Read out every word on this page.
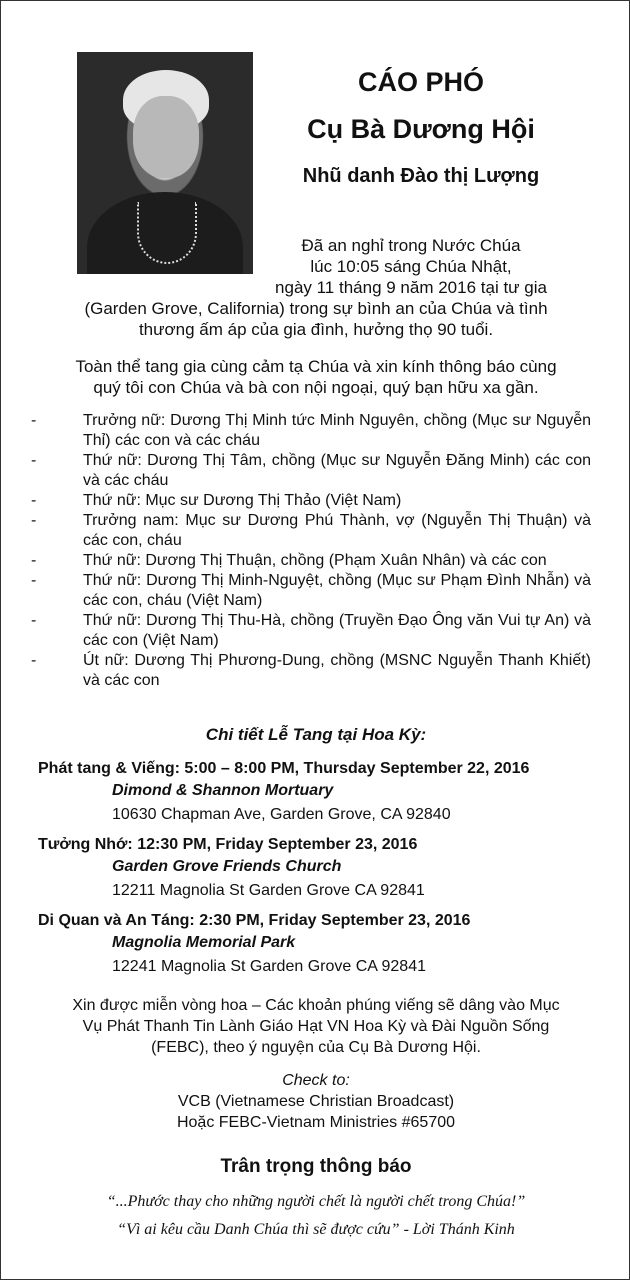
CÁO PHÓ
Cụ Bà Dương Hội
Nhũ danh Đào thị Lượng
Đã an nghỉ trong Nước Chúa
lúc 10:05 sáng Chúa Nhật,
ngày 11 tháng 9 năm 2016 tại tư gia
(Garden Grove, California) trong sự bình an của Chúa và tình
thương ấm áp của gia đình, hưởng thọ 90 tuổi.
Toàn thể tang gia cùng cảm tạ Chúa và xin kính thông báo cùng
quý tôi con Chúa và bà con nội ngoại, quý bạn hữu xa gần.
-	Trưởng nữ: Dương Thị Minh tức Minh Nguyên, chồng (Mục sư Nguyễn Thỉ) các con và các cháu
-	Thứ nữ: Dương Thị Tâm, chồng (Mục sư Nguyễn Đăng Minh) các con và các cháu
-	Thứ nữ: Mục sư Dương Thị Thảo (Việt Nam)
-	Trưởng nam: Mục sư Dương Phú Thành, vợ (Nguyễn Thị Thuận) và các con, cháu
-	Thứ nữ: Dương Thị Thuận, chồng (Phạm Xuân Nhân) và các con
-	Thứ nữ: Dương Thị Minh-Nguyệt, chồng (Mục sư Phạm Đình Nhẫn) và các con, cháu (Việt Nam)
-	Thứ nữ: Dương Thị Thu-Hà, chồng (Truyền Đạo Ông văn Vui tự An) và các con (Việt Nam)
-	Út nữ: Dương Thị Phương-Dung, chồng (MSNC Nguyễn Thanh Khiết) và các con
Chi tiết Lễ Tang tại Hoa Kỳ:
Phát tang & Viếng: 5:00 – 8:00 PM, Thursday September 22, 2016
Dimond & Shannon Mortuary
10630 Chapman Ave, Garden Grove, CA 92840
Tưởng Nhớ: 12:30 PM, Friday September 23, 2016
Garden Grove Friends Church
12211 Magnolia St Garden Grove CA 92841
Di Quan và An Táng: 2:30 PM, Friday September 23, 2016
Magnolia Memorial Park
12241 Magnolia St Garden Grove CA 92841
Xin được miễn vòng hoa – Các khoản phúng viếng sẽ dâng vào Mục
Vụ Phát Thanh Tin Lành Giáo Hạt VN Hoa Kỳ và Đài Nguồn Sống
(FEBC), theo ý nguyện của Cụ Bà Dương Hội.
Check to:
VCB (Vietnamese Christian Broadcast)
Hoặc FEBC-Vietnam Ministries #65700
Trân trọng thông báo
“...Phước thay cho những người chết là người chết trong Chúa!”
“Vì ai kêu cầu Danh Chúa thì sẽ được cứu” - Lời Thánh Kinh
